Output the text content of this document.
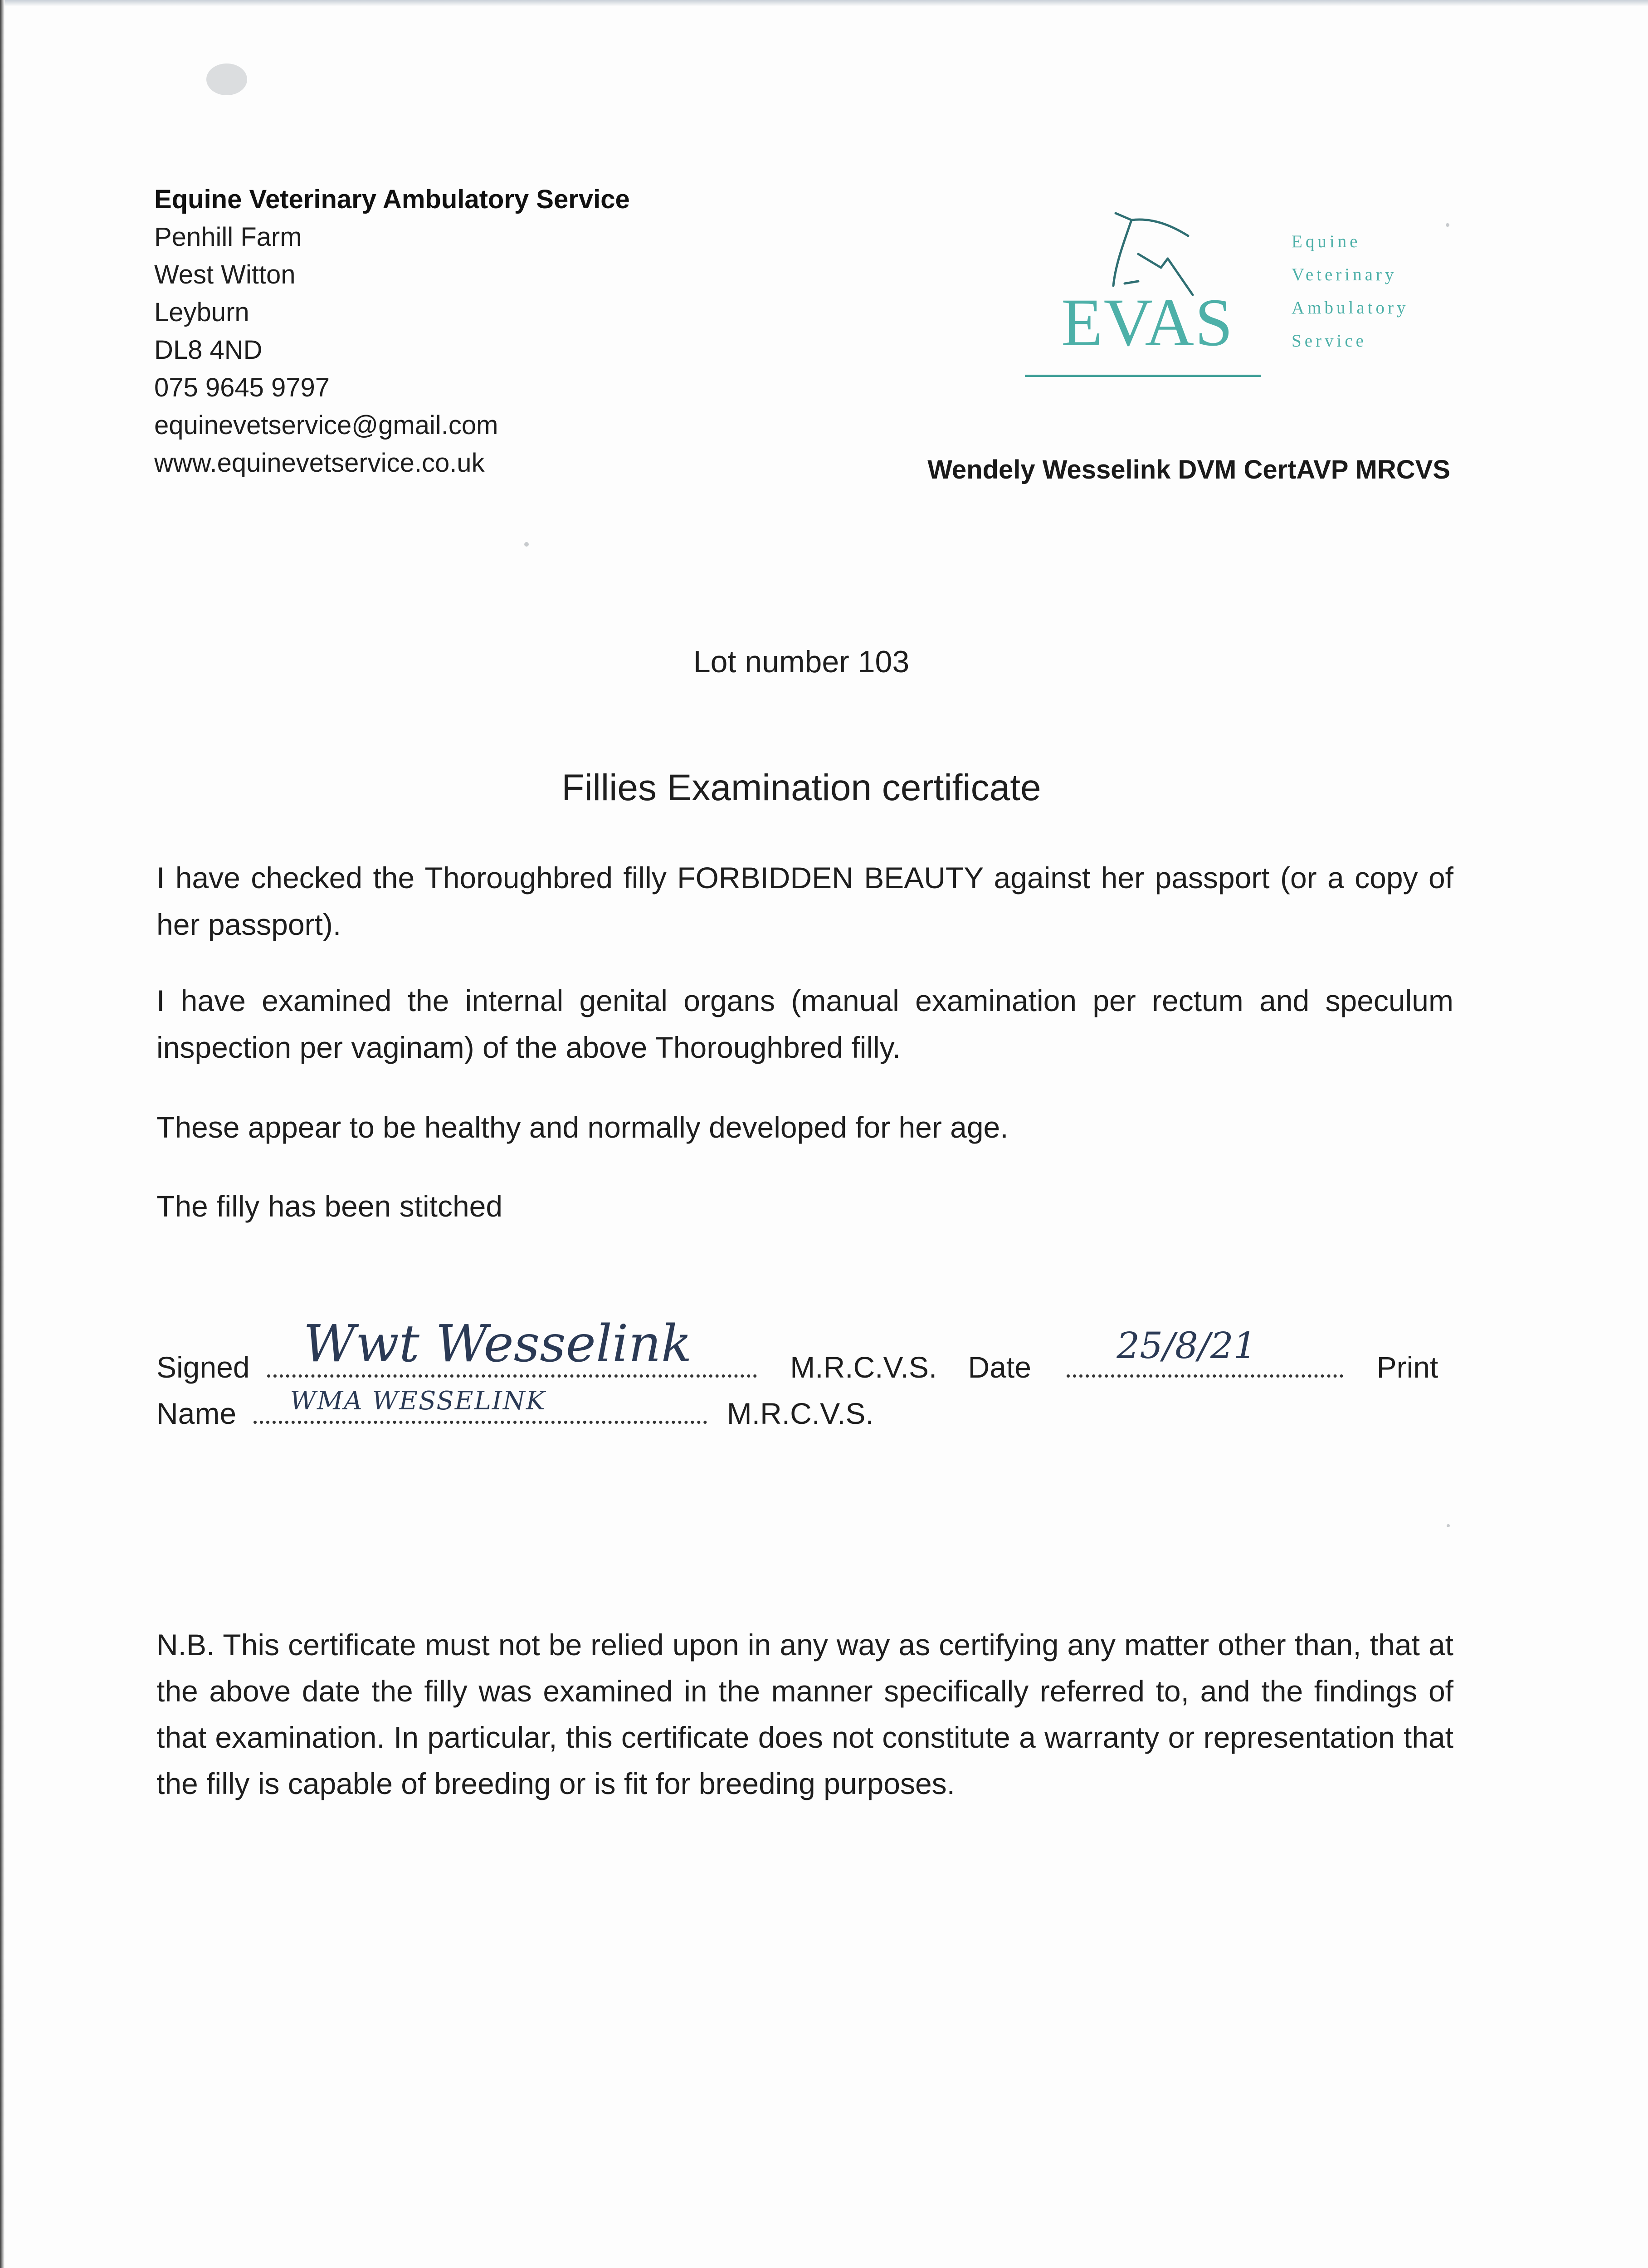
Equine Veterinary Ambulatory Service
Penhill Farm
West Witton
Leyburn
DL8 4ND
075 9645 9797
equinevetservice@gmail.com
www.equinevetservice.co.uk
EVAS
Equine
Veterinary
Ambulatory
Service
Wendely Wesselink DVM CertAVP MRCVS
Lot number 103
Fillies Examination certificate
I have checked the Thoroughbred filly FORBIDDEN BEAUTY against her passport (or a copy of her passport).
I have examined the internal genital organs (manual examination per rectum and speculum inspection per vaginam) of the above Thoroughbred filly.
These appear to be healthy and normally developed for her age.
The filly has been stitched
Signed Wwt Wesselink	M.R.C.V.S. Date
25/8/21
Print
Name WMA WESSELINK	M.R.C.V.S.
N.B. This certificate must not be relied upon in any way as certifying any matter other than, that at the above date the filly was examined in the manner specifically referred to, and the findings of that examination. In particular, this certificate does not constitute a warranty or representation that the filly is capable of breeding or is fit for breeding purposes.
